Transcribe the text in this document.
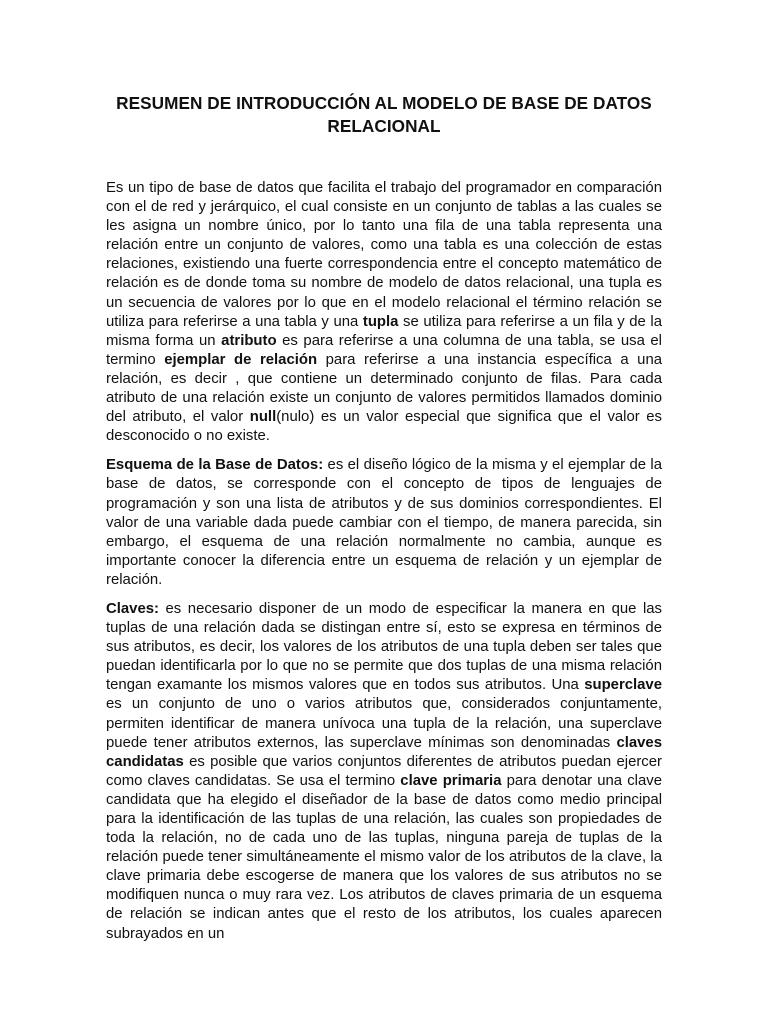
RESUMEN DE INTRODUCCIÓN AL MODELO DE BASE DE DATOS
RELACIONAL

Es un tipo de base de datos que facilita el trabajo del programador en comparación con el de red y jerárquico, el cual consiste en un conjunto de tablas a las cuales se les asigna un nombre único, por lo tanto una fila de una tabla representa una relación entre un conjunto de valores, como una tabla es una colección de estas relaciones, existiendo una fuerte correspondencia entre el concepto matemático de relación es de donde toma su nombre de modelo de datos relacional, una tupla es un secuencia de valores por lo que en el modelo relacional el término relación se utiliza para referirse a una tabla y una tupla se utiliza para referirse a un fila y de la misma forma un atributo es para referirse a una columna de una tabla, se usa el termino ejemplar de relación para referirse a una instancia específica a una relación, es decir , que contiene un determinado conjunto de filas. Para cada atributo de una relación existe un conjunto de valores permitidos llamados dominio del atributo, el valor null(nulo) es un valor especial que significa que el valor es desconocido o no existe.

Esquema de la Base de Datos: es el diseño lógico de la misma y el ejemplar de la base de datos, se corresponde con el concepto de tipos de lenguajes de programación y son una lista de atributos y de sus dominios correspondientes. El valor de una variable dada puede cambiar con el tiempo, de manera parecida, sin embargo, el esquema de una relación normalmente no cambia, aunque es importante conocer la diferencia entre un esquema de relación y un ejemplar de relación.

Claves: es necesario disponer de un modo de especificar la manera en que las tuplas de una relación dada se distingan entre sí, esto se expresa en términos de sus atributos, es decir, los valores de los atributos de una tupla deben ser tales que puedan identificarla por lo que no se permite que dos tuplas de una misma relación tengan examante los mismos valores que en todos sus atributos. Una superclave es un conjunto de uno o varios atributos que, considerados conjuntamente, permiten identificar de manera unívoca una tupla de la relación, una superclave puede tener atributos externos, las superclave mínimas son denominadas claves candidatas es posible que varios conjuntos diferentes de atributos puedan ejercer como claves candidatas. Se usa el termino clave primaria para denotar una clave candidata que ha elegido el diseñador de la base de datos como medio principal para la identificación de las tuplas de una relación, las cuales son propiedades de toda la relación, no de cada uno de las tuplas, ninguna pareja de tuplas de la relación puede tener simultáneamente el mismo valor de los atributos de la clave, la clave primaria debe escogerse de manera que los valores de sus atributos no se modifiquen nunca o muy rara vez. Los atributos de claves primaria de un esquema de relación se indican antes que el resto de los atributos, los cuales aparecen subrayados en un
